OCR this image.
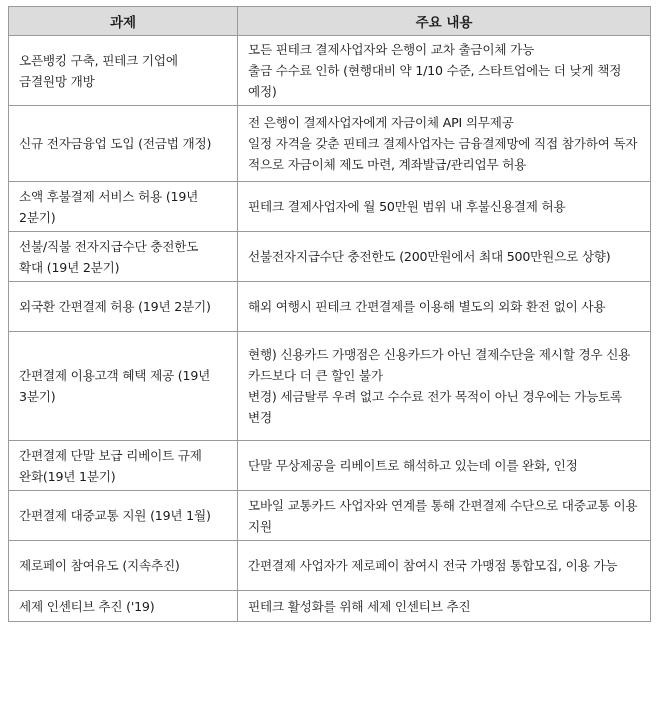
과제	주요 내용

오픈뱅킹 구축, 핀테크 기업에
금결원망 개방	모든 핀테크 결제사업자와 은행이 교차 출금이체 가능
출금 수수료 인하 (현행대비 약 1/10 수준, 스타트업에는 더 낮게 책정
예정)

신규 전자금융업 도입 (전금법 개정)	전 은행이 결제사업자에게 자금이체 API 의무제공
일정 자격을 갖춘 핀테크 결제사업자는 금융결제망에 직접 참가하여 독자
적으로 자금이체 제도 마련, 계좌발급/관리업무 허용

소액 후불결제 서비스 허용 (19년
2분기)	핀테크 결제사업자에 월 50만원 범위 내 후불신용결제 허용

선불/직불 전자지급수단 충전한도
확대 (19년 2분기)	선불전자지급수단 충전한도 (200만원에서 최대 500만원으로 상향)

외국환 간편결제 허용 (19년 2분기)	해외 여행시 핀테크 간편결제를 이용해 별도의 외화 환전 없이 사용

간편결제 이용고객 혜택 제공 (19년
3분기)	현행) 신용카드 가맹점은 신용카드가 아닌 결제수단을 제시할 경우 신용
카드보다 더 큰 할인 불가
변경) 세금탈루 우려 없고 수수료 전가 목적이 아닌 경우에는 가능토록
변경

간편결제 단말 보급 리베이트 규제
완화(19년 1분기)	단말 무상제공을 리베이트로 해석하고 있는데 이를 완화, 인정

간편결제 대중교통 지원 (19년 1월)	모바일 교통카드 사업자와 연계를 통해 간편결제 수단으로 대중교통 이용
지원

제로페이 참여유도 (지속추진)	간편결제 사업자가 제로페이 참여시 전국 가맹점 통합모집, 이용 가능

세제 인센티브 추진 ('19)	핀테크 활성화를 위해 세제 인센티브 추진
